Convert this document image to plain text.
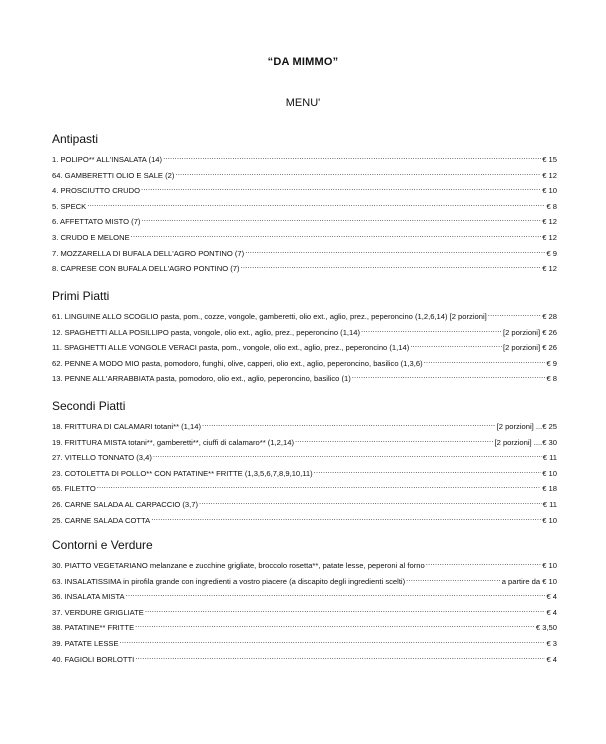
“DA MIMMO”
MENU'
Antipasti
1. POLIPO** ALL'INSALATA (14) .....	€ 15
64. GAMBERETTI OLIO E SALE (2) .....	€ 12
4. PROSCIUTTO CRUDO .....	€ 10
5. SPECK .....	€ 8
6. AFFETTATO MISTO (7) .....	€ 12
3. CRUDO E MELONE .....	€ 12
7. MOZZARELLA DI BUFALA DELL'AGRO PONTINO (7) .....	€ 9
8. CAPRESE CON BUFALA DELL'AGRO PONTINO (7) .....	€ 12
Primi Piatti
61. LINGUINE ALLO SCOGLIO pasta, pom., cozze, vongole, gamberetti, olio ext., aglio, prez., peperoncino (1,2,6,14) [2 porzioni] .....	€ 28
12. SPAGHETTI ALLA POSILLIPO pasta, vongole, olio ext., aglio, prez., peperoncino (1,14) .....	[2 porzioni] € 26
11. SPAGHETTI ALLE VONGOLE VERACI pasta, pom., vongole, olio ext., aglio, prez., peperoncino (1,14) .....	[2 porzioni] € 26
62. PENNE A MODO MIO pasta, pomodoro, funghi, olive, capperi, olio ext., aglio, peperoncino, basilico (1,3,6) .....	€ 9
13. PENNE ALL'ARRABBIATA pasta, pomodoro, olio ext., aglio, peperoncino, basilico (1) .....	€ 8
Secondi Piatti
18. FRITTURA DI CALAMARI totani** (1,14) .....	[2 porzioni] ...€ 25
19. FRITTURA MISTA totani**, gamberetti**, ciuffi di calamaro** (1,2,14) .....	[2 porzioni] ....€ 30
27. VITELLO TONNATO (3,4) .....	€ 11
23. COTOLETTA DI POLLO** CON PATATINE** FRITTE (1,3,5,6,7,8,9,10,11) .....	€ 10
65. FILETTO .....	€ 18
26. CARNE SALADA AL CARPACCIO (3,7) .....	€ 11
25. CARNE SALADA COTTA .....	€ 10
Contorni e Verdure
30. PIATTO VEGETARIANO melanzane e zucchine grigliate, broccolo rosetta**, patate lesse, peperoni al forno .....	€ 10
63. INSALATISSIMA in pirofila grande con ingredienti a vostro piacere (a discapito degli ingredienti scelti) .....	a partire da € 10
36. INSALATA MISTA .....	€ 4
37. VERDURE GRIGLIATE .....	€ 4
38. PATATINE** FRITTE .....	€ 3,50
39. PATATE LESSE .....	€ 3
40. FAGIOLI BORLOTTI .....	€ 4
